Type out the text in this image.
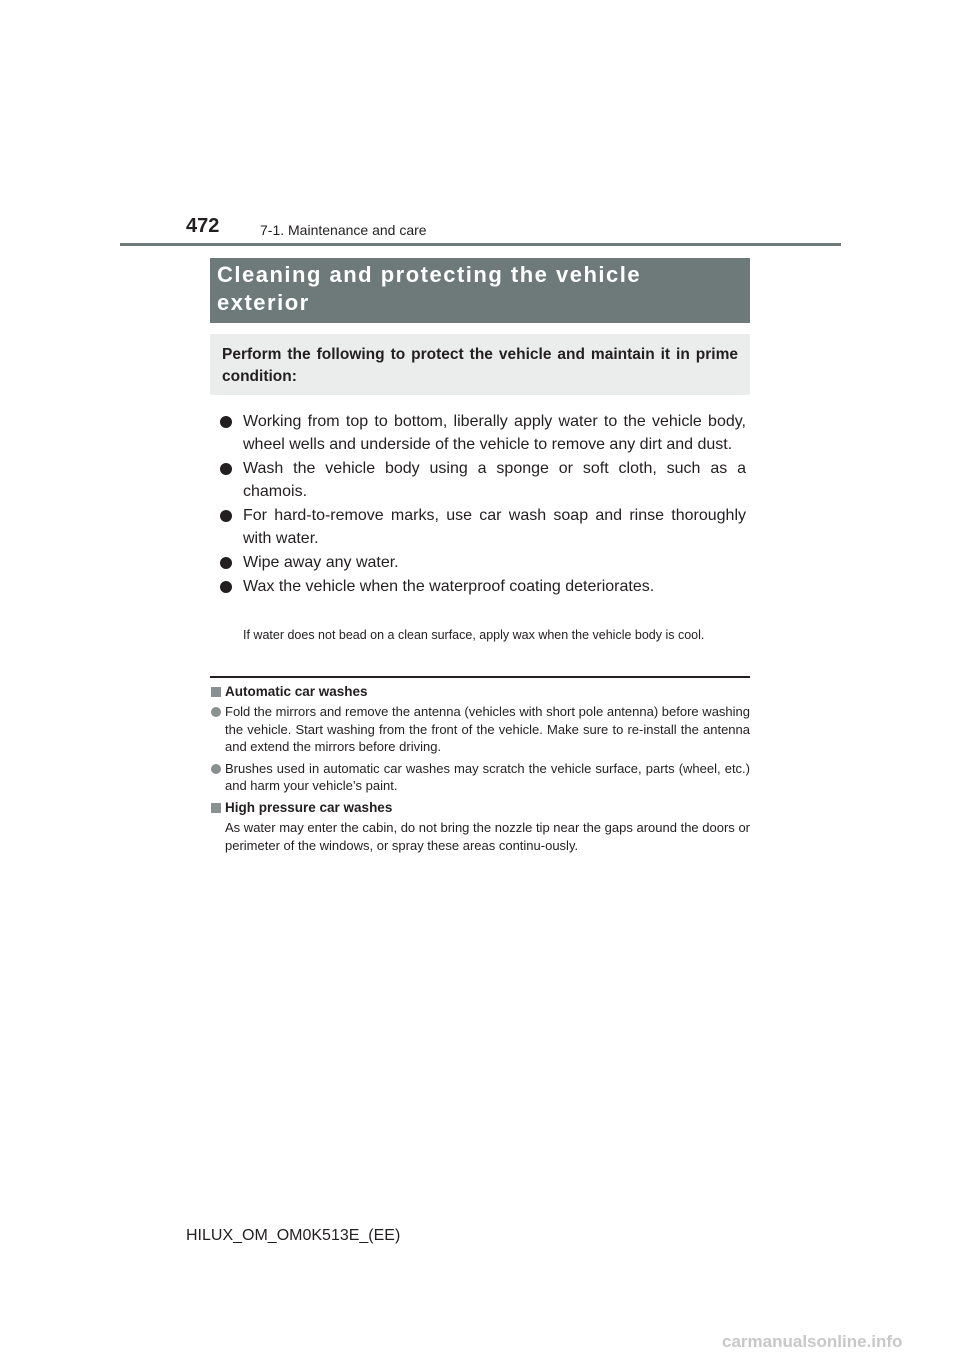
472	7-1. Maintenance and care
Cleaning and protecting the vehicle
exterior

Perform the following to protect the vehicle and maintain it in prime condition:

Working from top to bottom, liberally apply water to the vehicle body, wheel wells and underside of the vehicle to remove any dirt and dust.
Wash the vehicle body using a sponge or soft cloth, such as a chamois.
For hard-to-remove marks, use car wash soap and rinse thoroughly with water.
Wipe away any water.
Wax the vehicle when the waterproof coating deteriorates.

If water does not bead on a clean surface, apply wax when the vehicle body is cool.

Automatic car washes
Fold the mirrors and remove the antenna (vehicles with short pole antenna) before washing the vehicle. Start washing from the front of the vehicle. Make sure to re-install the antenna and extend the mirrors before driving.
Brushes used in automatic car washes may scratch the vehicle surface, parts (wheel, etc.) and harm your vehicle’s paint.
High pressure car washes

As water may enter the cabin, do not bring the nozzle tip near the gaps around the doors or perimeter of the windows, or spray these areas continu-ously.

HILUX_OM_OM0K513E_(EE)
carmanualsonline.info
